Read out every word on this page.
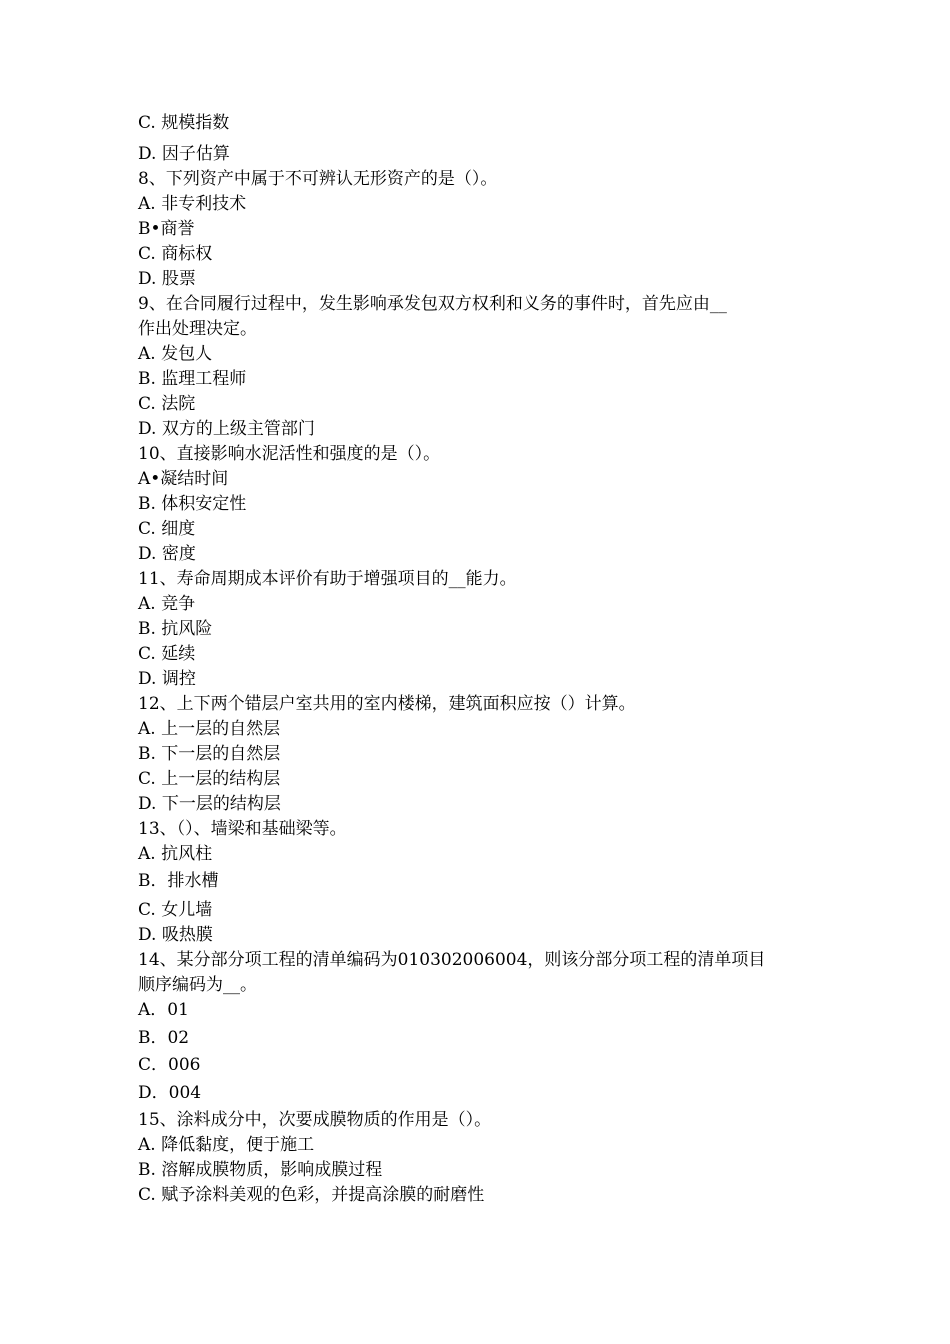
C. 规模指数
D. 因子估算
8、下列资产中属于不可辨认无形资产的是（）。
A. 非专利技术
B•商誉
C. 商标权
D. 股票
9、在合同履行过程中，发生影响承发包双方权利和义务的事件时，首先应由__
作出处理决定。
A. 发包人
B. 监理工程师
C. 法院
D. 双方的上级主管部门
10、直接影响水泥活性和强度的是（）。
A•凝结时间
B. 体积安定性
C. 细度
D. 密度
11、寿命周期成本评价有助于增强项目的__能力。
A. 竞争
B. 抗风险
C. 延续
D. 调控
12、上下两个错层户室共用的室内楼梯，建筑面积应按（）计算。
A. 上一层的自然层
B. 下一层的自然层
C. 上一层的结构层
D. 下一层的结构层
13、（）、墙梁和基础梁等。
A. 抗风柱
B．排水槽
C. 女儿墙
D. 吸热膜
14、某分部分项工程的清单编码为010302006004，则该分部分项工程的清单项目
顺序编码为__。
A．01
B．02
C．006
D．004
15、涂料成分中，次要成膜物质的作用是（）。
A. 降低黏度，便于施工
B. 溶解成膜物质，影响成膜过程
C. 赋予涂料美观的色彩，并提高涂膜的耐磨性
